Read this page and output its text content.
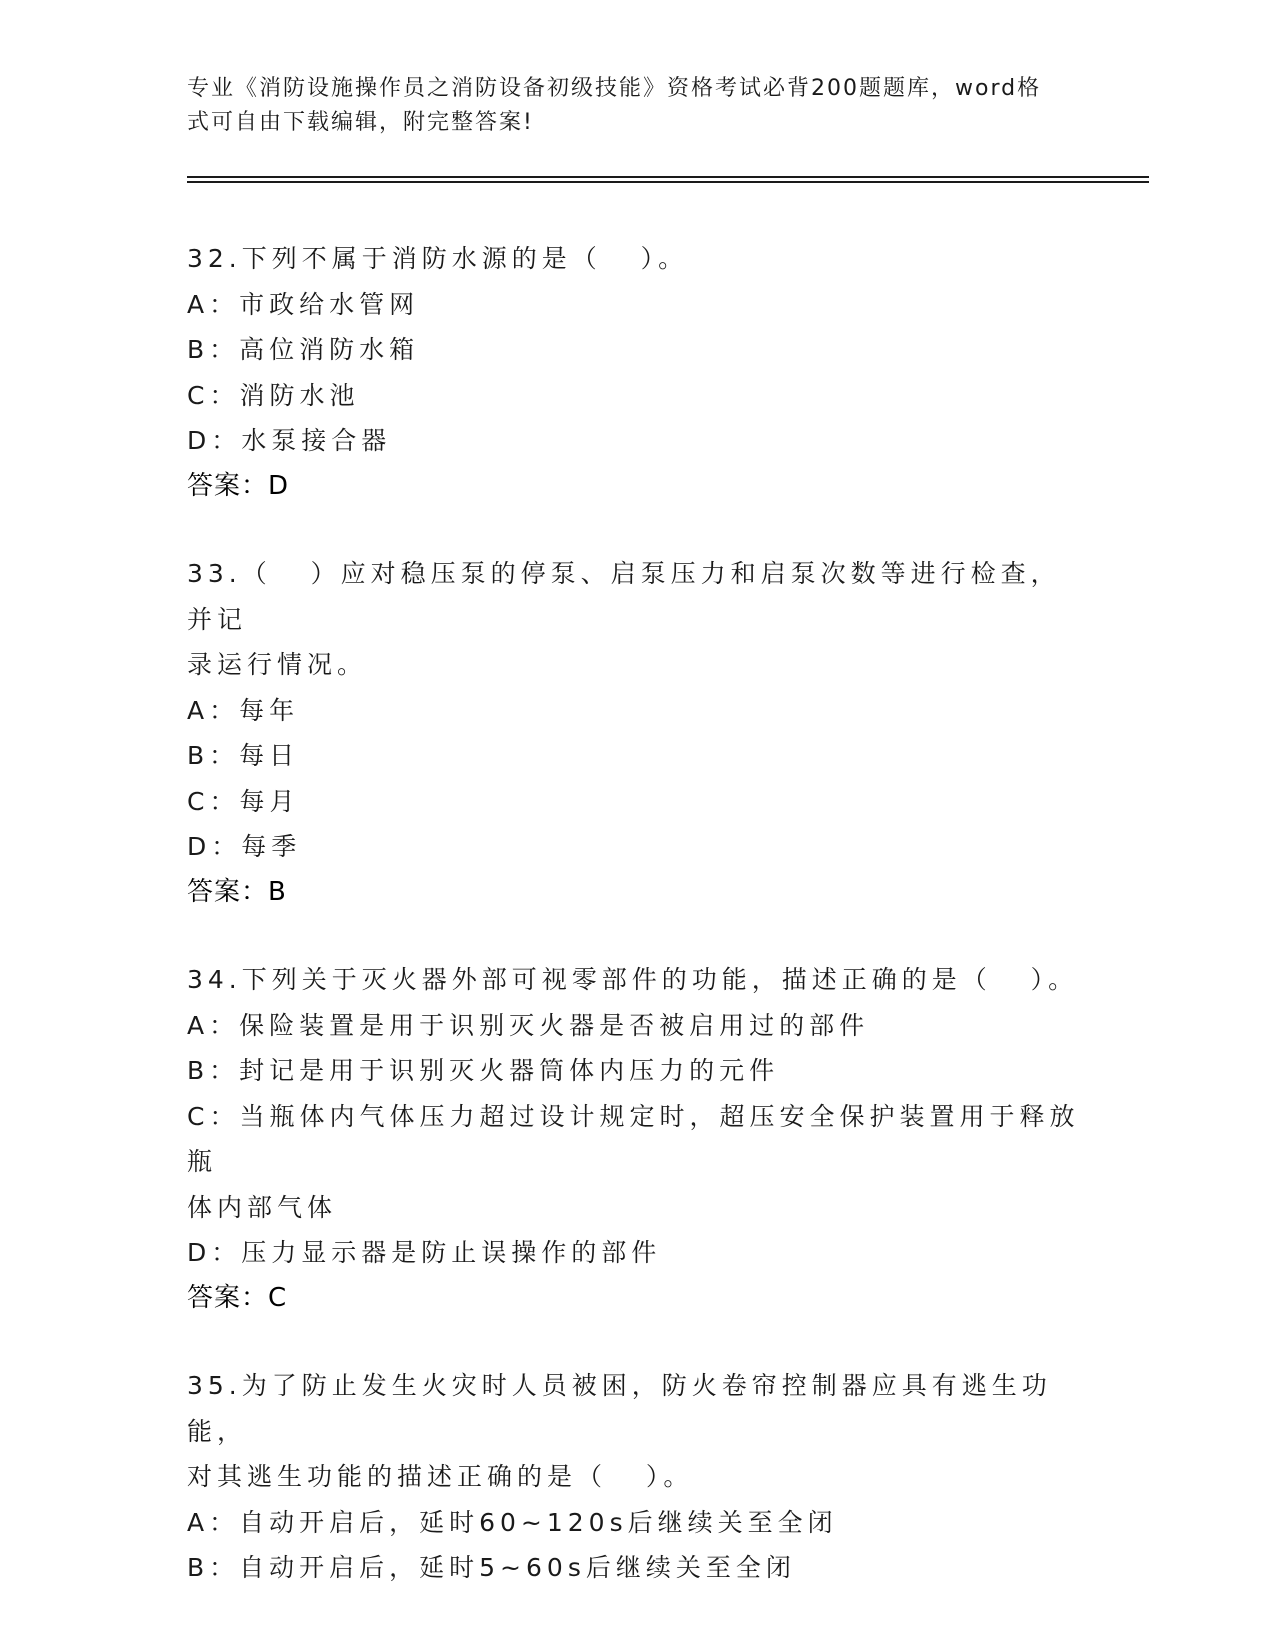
专业《消防设施操作员之消防设备初级技能》资格考试必背200题题库，word格
式可自由下载编辑，附完整答案!
32.下列不属于消防水源的是（   ）。
A：市政给水管网
B：高位消防水箱
C：消防水池
D：水泵接合器
答案：D
33.（   ）应对稳压泵的停泵、启泵压力和启泵次数等进行检查，并记
录运行情况。
A：每年
B：每日
C：每月
D：每季
答案：B
34.下列关于灭火器外部可视零部件的功能，描述正确的是（   ）。
A：保险装置是用于识别灭火器是否被启用过的部件
B：封记是用于识别灭火器筒体内压力的元件
C：当瓶体内气体压力超过设计规定时，超压安全保护装置用于释放瓶
体内部气体
D：压力显示器是防止误操作的部件
答案：C
35.为了防止发生火灾时人员被困，防火卷帘控制器应具有逃生功能，
对其逃生功能的描述正确的是（   ）。
A：自动开启后，延时60~120s后继续关至全闭
B：自动开启后，延时5~60s后继续关至全闭
